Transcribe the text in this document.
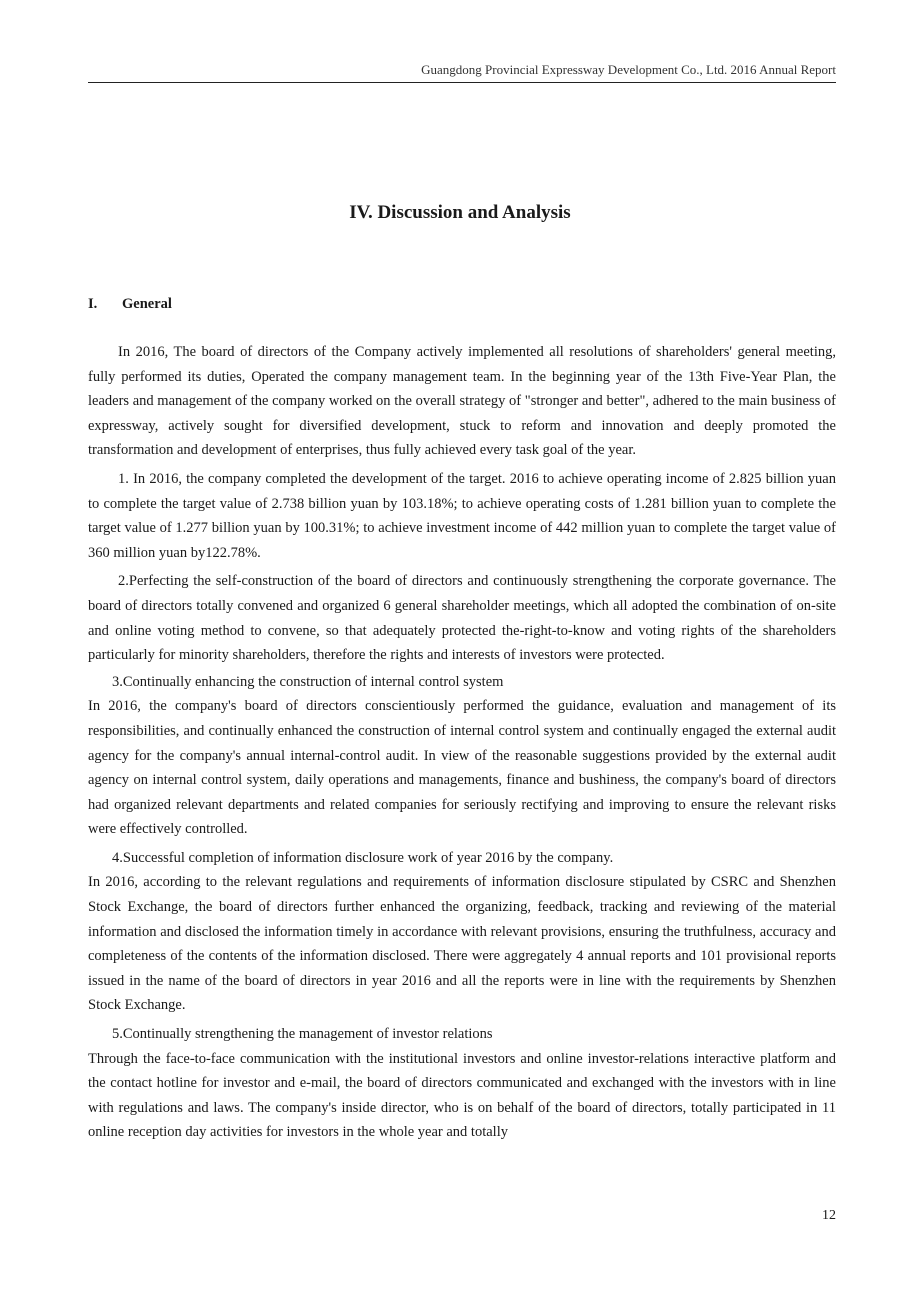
Guangdong Provincial Expressway Development Co., Ltd. 2016 Annual Report
IV. Discussion and Analysis
I. General

In 2016, The board of directors of the Company actively implemented all resolutions of shareholders' general meeting, fully performed its duties, Operated the company management team. In the beginning year of the 13th Five-Year Plan, the leaders and management of the company worked on the overall strategy of "stronger and better", adhered to the main business of expressway, actively sought for diversified development, stuck to reform and innovation and deeply promoted the transformation and development of enterprises, thus fully achieved every task goal of the year.

1. In 2016, the company completed the development of the target. 2016 to achieve operating income of 2.825 billion yuan to complete the target value of 2.738 billion yuan by 103.18%; to achieve operating costs of 1.281 billion yuan to complete the target value of 1.277 billion yuan by 100.31%; to achieve investment income of 442 million yuan to complete the target value of 360 million yuan by122.78%.

2.Perfecting the self-construction of the board of directors and continuously strengthening the corporate governance. The board of directors totally convened and organized 6 general shareholder meetings, which all adopted the combination of on-site and online voting method to convene, so that adequately protected the-right-to-know and voting rights of the shareholders particularly for minority shareholders, therefore the rights and interests of investors were protected.

3.Continually enhancing the construction of internal control system

In 2016, the company's board of directors conscientiously performed the guidance, evaluation and management of its responsibilities, and continually enhanced the construction of internal control system and continually engaged the external audit agency for the company's annual internal-control audit. In view of the reasonable suggestions provided by the external audit agency on internal control system, daily operations and managements, finance and bushiness, the company's board of directors had organized relevant departments and related companies for seriously rectifying and improving to ensure the relevant risks were effectively controlled.

4.Successful completion of information disclosure work of year 2016 by the company.

In 2016, according to the relevant regulations and requirements of information disclosure stipulated by CSRC and Shenzhen Stock Exchange, the board of directors further enhanced the organizing, feedback, tracking and reviewing of the material information and disclosed the information timely in accordance with relevant provisions, ensuring the truthfulness, accuracy and completeness of the contents of the information disclosed. There were aggregately 4 annual reports and 101 provisional reports issued in the name of the board of directors in year 2016 and all the reports were in line with the requirements by Shenzhen Stock Exchange.

5.Continually strengthening the management of investor relations

Through the face-to-face communication with the institutional investors and online investor-relations interactive platform and the contact hotline for investor and e-mail, the board of directors communicated and exchanged with the investors with in line with regulations and laws. The company's inside director, who is on behalf of the board of directors, totally participated in 11 online reception day activities for investors in the whole year and totally

12
